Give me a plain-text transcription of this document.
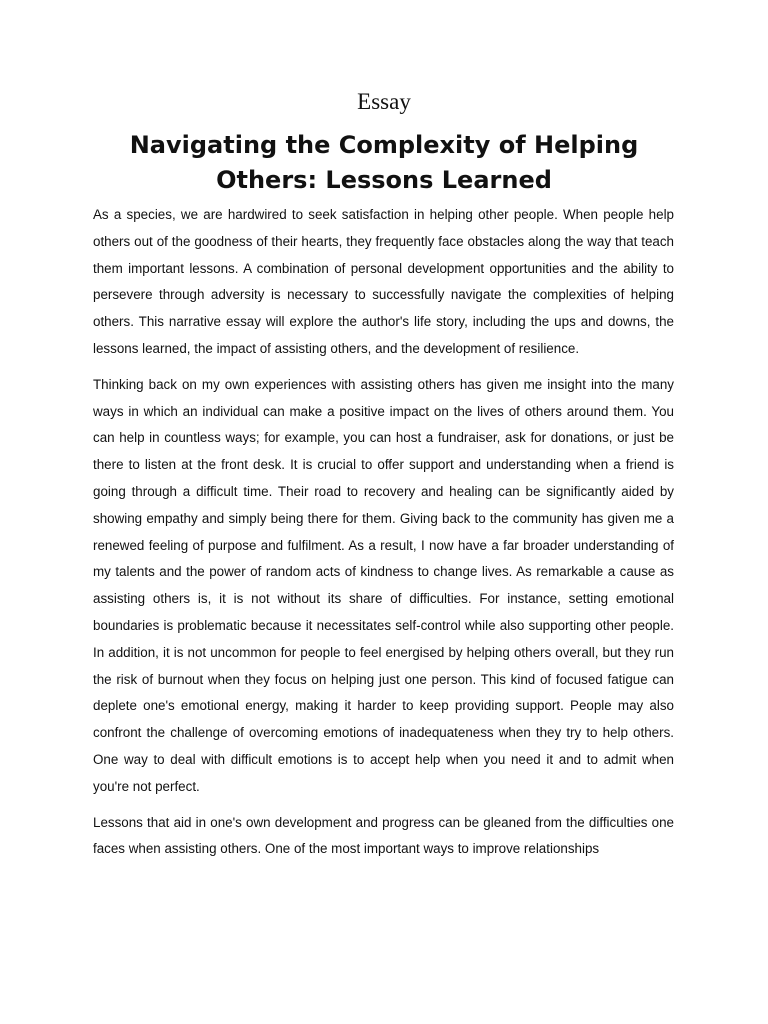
Essay
Navigating the Complexity of Helping Others: Lessons Learned

As a species, we are hardwired to seek satisfaction in helping other people. When people help others out of the goodness of their hearts, they frequently face obstacles along the way that teach them important lessons. A combination of personal development opportunities and the ability to persevere through adversity is necessary to successfully navigate the complexities of helping others. This narrative essay will explore the author's life story, including the ups and downs, the lessons learned, the impact of assisting others, and the development of resilience.

Thinking back on my own experiences with assisting others has given me insight into the many ways in which an individual can make a positive impact on the lives of others around them. You can help in countless ways; for example, you can host a fundraiser, ask for donations, or just be there to listen at the front desk. It is crucial to offer support and understanding when a friend is going through a difficult time. Their road to recovery and healing can be significantly aided by showing empathy and simply being there for them. Giving back to the community has given me a renewed feeling of purpose and fulfilment. As a result, I now have a far broader understanding of my talents and the power of random acts of kindness to change lives. As remarkable a cause as assisting others is, it is not without its share of difficulties. For instance, setting emotional boundaries is problematic because it necessitates self-control while also supporting other people. In addition, it is not uncommon for people to feel energised by helping others overall, but they run the risk of burnout when they focus on helping just one person. This kind of focused fatigue can deplete one's emotional energy, making it harder to keep providing support. People may also confront the challenge of overcoming emotions of inadequateness when they try to help others. One way to deal with difficult emotions is to accept help when you need it and to admit when you're not perfect.

Lessons that aid in one's own development and progress can be gleaned from the difficulties one faces when assisting others. One of the most important ways to improve relationships
